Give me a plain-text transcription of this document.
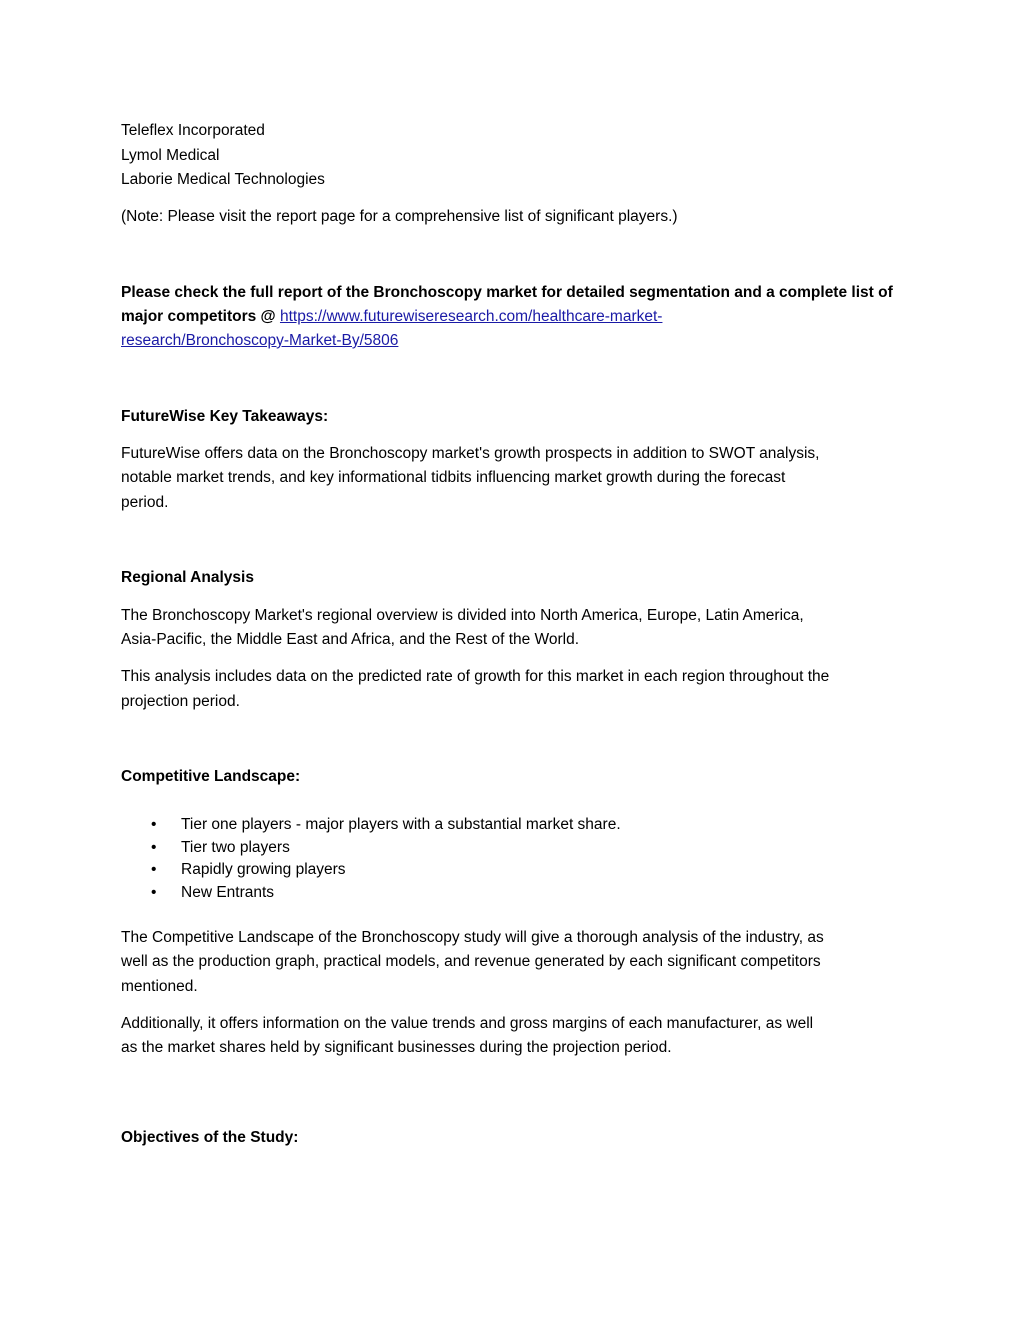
Teleflex Incorporated
Lymol Medical
Laborie Medical Technologies
(Note: Please visit the report page for a comprehensive list of significant players.)
Please check the full report of the Bronchoscopy market for detailed segmentation and a complete list of major competitors @ https://www.futurewiseresearch.com/healthcare-market-
research/Bronchoscopy-Market-By/5806
FutureWise Key Takeaways:
FutureWise offers data on the Bronchoscopy market's growth prospects in addition to SWOT analysis,
notable market trends, and key informational tidbits influencing market growth during the forecast
period.
Regional Analysis
The Bronchoscopy Market's regional overview is divided into North America, Europe, Latin America,
Asia-Pacific, the Middle East and Africa, and the Rest of the World.
This analysis includes data on the predicted rate of growth for this market in each region throughout the
projection period.
Competitive Landscape:
• Tier one players - major players with a substantial market share.
• Tier two players
• Rapidly growing players
• New Entrants
The Competitive Landscape of the Bronchoscopy study will give a thorough analysis of the industry, as
well as the production graph, practical models, and revenue generated by each significant competitors
mentioned.
Additionally, it offers information on the value trends and gross margins of each manufacturer, as well
as the market shares held by significant businesses during the projection period.
Objectives of the Study:
